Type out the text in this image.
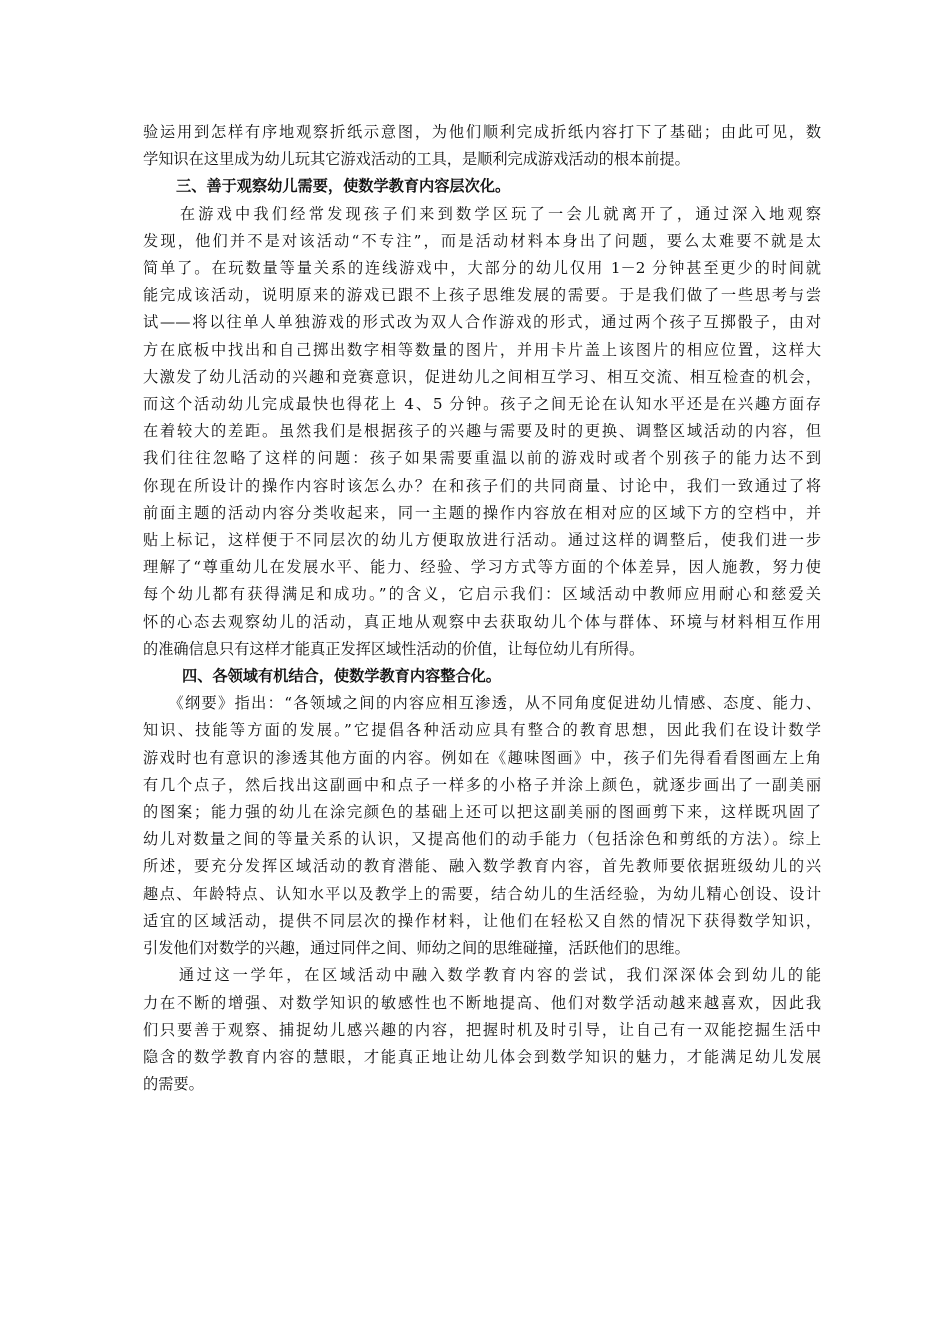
验运用到怎样有序地观察折纸示意图，为他们顺利完成折纸内容打下了基础；由此可见，数
学知识在这里成为幼儿玩其它游戏活动的工具，是顺利完成游戏活动的根本前提。
三、善于观察幼儿需要，使数学教育内容层次化。
　　在游戏中我们经常发现孩子们来到数学区玩了一会儿就离开了，通过深入地观察
发现，他们并不是对该活动“不专注”，而是活动材料本身出了问题，要么太难要不就是太
简单了。在玩数量等量关系的连线游戏中，大部分的幼儿仅用 1－2 分钟甚至更少的时间就
能完成该活动，说明原来的游戏已跟不上孩子思维发展的需要。于是我们做了一些思考与尝
试——将以往单人单独游戏的形式改为双人合作游戏的形式，通过两个孩子互掷骰子，由对
方在底板中找出和自己掷出数字相等数量的图片，并用卡片盖上该图片的相应位置，这样大
大激发了幼儿活动的兴趣和竞赛意识，促进幼儿之间相互学习、相互交流、相互检查的机会，
而这个活动幼儿完成最快也得花上 4、5 分钟。孩子之间无论在认知水平还是在兴趣方面存
在着较大的差距。虽然我们是根据孩子的兴趣与需要及时的更换、调整区域活动的内容，但
我们往往忽略了这样的问题：孩子如果需要重温以前的游戏时或者个别孩子的能力达不到
你现在所设计的操作内容时该怎么办？在和孩子们的共同商量、讨论中，我们一致通过了将
前面主题的活动内容分类收起来，同一主题的操作内容放在相对应的区域下方的空档中，并
贴上标记，这样便于不同层次的幼儿方便取放进行活动。通过这样的调整后，使我们进一步
理解了“尊重幼儿在发展水平、能力、经验、学习方式等方面的个体差异，因人施教，努力使
每个幼儿都有获得满足和成功。”的含义，它启示我们：区域活动中教师应用耐心和慈爱关
怀的心态去观察幼儿的活动，真正地从观察中去获取幼儿个体与群体、环境与材料相互作用
的准确信息只有这样才能真正发挥区域性活动的价值，让每位幼儿有所得。
四、各领域有机结合，使数学教育内容整合化。
　　《纲要》指出：“各领域之间的内容应相互渗透，从不同角度促进幼儿情感、态度、能力、
知识、技能等方面的发展。”它提倡各种活动应具有整合的教育思想，因此我们在设计数学
游戏时也有意识的渗透其他方面的内容。例如在《趣味图画》中，孩子们先得看看图画左上角
有几个点子，然后找出这副画中和点子一样多的小格子并涂上颜色，就逐步画出了一副美丽
的图案；能力强的幼儿在涂完颜色的基础上还可以把这副美丽的图画剪下来，这样既巩固了
幼儿对数量之间的等量关系的认识，又提高他们的动手能力（包括涂色和剪纸的方法）。综上
所述，要充分发挥区域活动的教育潜能、融入数学教育内容，首先教师要依据班级幼儿的兴
趣点、年龄特点、认知水平以及教学上的需要，结合幼儿的生活经验，为幼儿精心创设、设计
适宜的区域活动，提供不同层次的操作材料，让他们在轻松又自然的情况下获得数学知识，
引发他们对数学的兴趣，通过同伴之间、师幼之间的思维碰撞，活跃他们的思维。
　　通过这一学年，在区域活动中融入数学教育内容的尝试，我们深深体会到幼儿的能
力在不断的增强、对数学知识的敏感性也不断地提高、他们对数学活动越来越喜欢，因此我
们只要善于观察、捕捉幼儿感兴趣的内容，把握时机及时引导，让自己有一双能挖掘生活中
隐含的数学教育内容的慧眼，才能真正地让幼儿体会到数学知识的魅力，才能满足幼儿发展
的需要。
